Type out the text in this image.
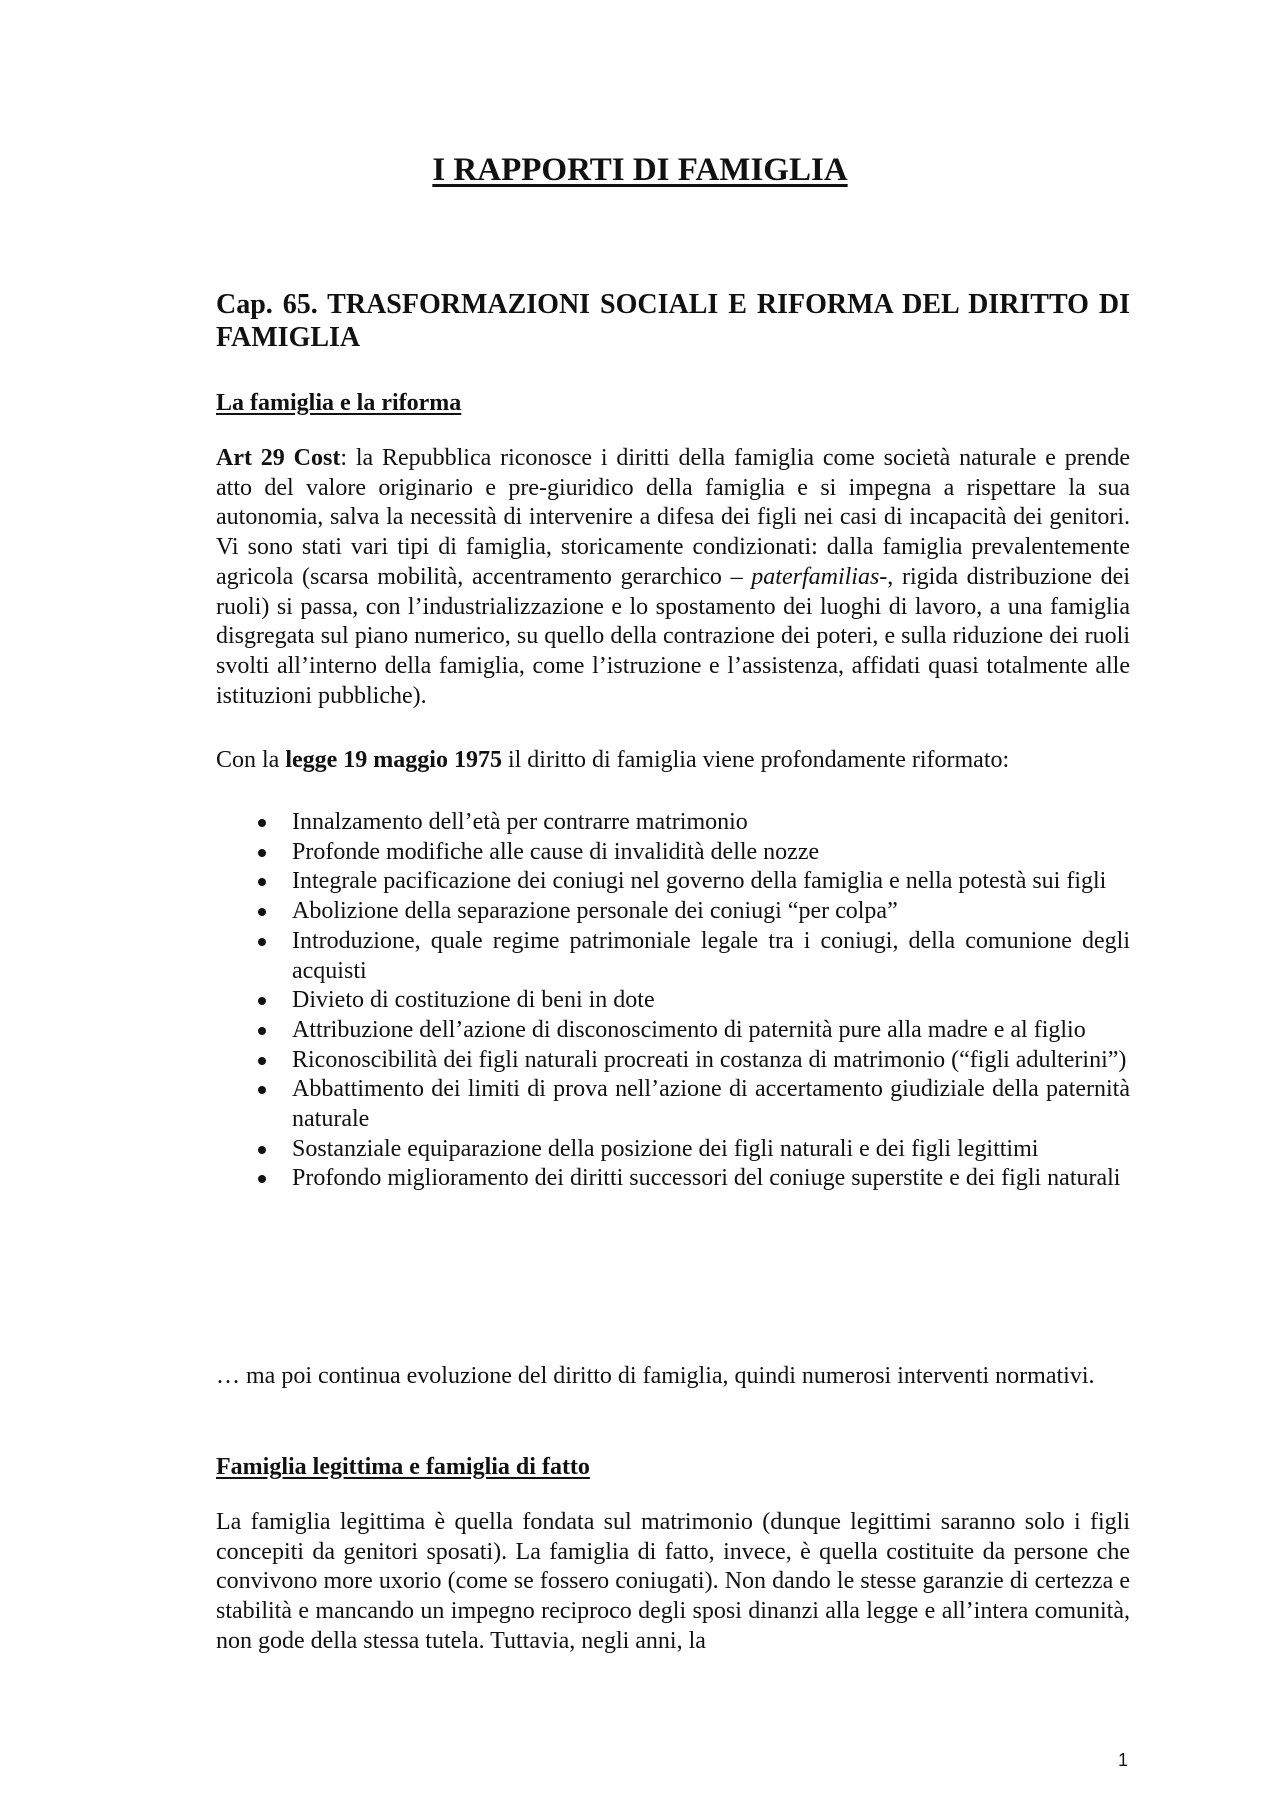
I RAPPORTI DI FAMIGLIA
Cap. 65. TRASFORMAZIONI SOCIALI E RIFORMA DEL DIRITTO DI FAMIGLIA
La famiglia e la riforma

Art 29 Cost: la Repubblica riconosce i diritti della famiglia come società naturale e prende atto del valore originario e pre-giuridico della famiglia e si impegna a rispettare la sua autonomia, salva la necessità di intervenire a difesa dei figli nei casi di incapacità dei genitori. Vi sono stati vari tipi di famiglia, storicamente condizionati: dalla famiglia prevalentemente agricola (scarsa mobilità, accentramento gerarchico – paterfamilias-, rigida distribuzione dei ruoli) si passa, con l’industrializzazione e lo spostamento dei luoghi di lavoro, a una famiglia disgregata sul piano numerico, su quello della contrazione dei poteri, e sulla riduzione dei ruoli svolti all’interno della famiglia, come l’istruzione e l’assistenza, affidati quasi totalmente alle istituzioni pubbliche).

Con la legge 19 maggio 1975 il diritto di famiglia viene profondamente riformato:

Innalzamento dell’età per contrarre matrimonio
Profonde modifiche alle cause di invalidità delle nozze
Integrale pacificazione dei coniugi nel governo della famiglia e nella potestà sui figli
Abolizione della separazione personale dei coniugi “per colpa”
Introduzione, quale regime patrimoniale legale tra i coniugi, della comunione degli acquisti
Divieto di costituzione di beni in dote
Attribuzione dell’azione di disconoscimento di paternità pure alla madre e al figlio
Riconoscibilità dei figli naturali procreati in costanza di matrimonio (“figli adulterini”)
Abbattimento dei limiti di prova nell’azione di accertamento giudiziale della paternità naturale
Sostanziale equiparazione della posizione dei figli naturali e dei figli legittimi
Profondo miglioramento dei diritti successori del coniuge superstite e dei figli naturali

… ma poi continua evoluzione del diritto di famiglia, quindi numerosi interventi normativi.

Famiglia legittima e famiglia di fatto

La famiglia legittima è quella fondata sul matrimonio (dunque legittimi saranno solo i figli concepiti da genitori sposati). La famiglia di fatto, invece, è quella costituite da persone che convivono more uxorio (come se fossero coniugati). Non dando le stesse garanzie di certezza e stabilità e mancando un impegno reciproco degli sposi dinanzi alla legge e all’intera comunità, non gode della stessa tutela. Tuttavia, negli anni, la

1
